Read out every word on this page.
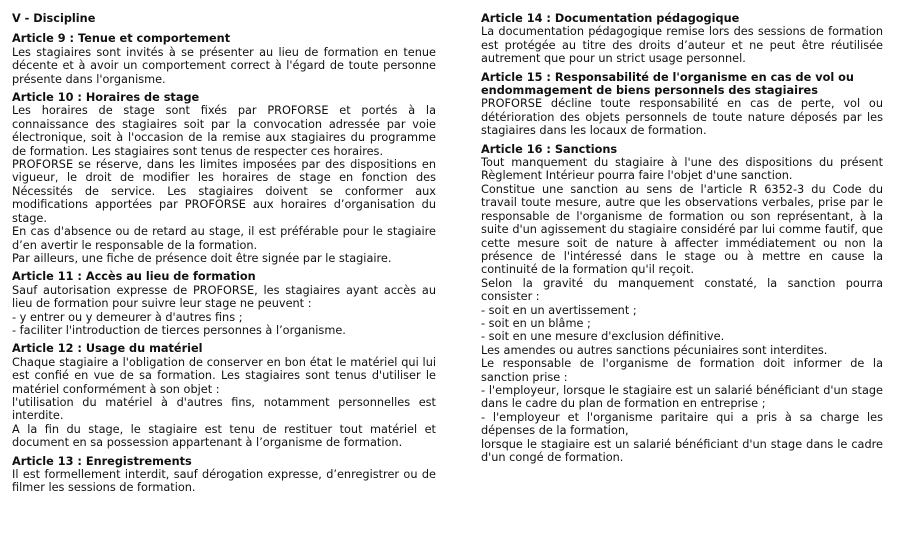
V - Discipline
Article 9 : Tenue et comportement
Les stagiaires sont invités à se présenter au lieu de formation en tenue décente et à avoir un comportement correct à l'égard de toute personne présente dans l'organisme.
Article 10 : Horaires de stage
Les horaires de stage sont fixés par PROFORSE et portés à la connaissance des stagiaires soit par la convocation adressée par voie électronique, soit à l'occasion de la remise aux stagiaires du programme de formation. Les stagiaires sont tenus de respecter ces horaires.
PROFORSE se réserve, dans les limites imposées par des dispositions en vigueur, le droit de modifier les horaires de stage en fonction des Nécessités de service. Les stagiaires doivent se conformer aux modifications apportées par PROFORSE aux horaires d’organisation du stage.
En cas d'absence ou de retard au stage, il est préférable pour le stagiaire d’en avertir le responsable de la formation.
Par ailleurs, une fiche de présence doit être signée par le stagiaire.
Article 11 : Accès au lieu de formation
Sauf autorisation expresse de PROFORSE, les stagiaires ayant accès au lieu de formation pour suivre leur stage ne peuvent :
- y entrer ou y demeurer à d'autres fins ;
- faciliter l'introduction de tierces personnes à l’organisme.
Article 12 : Usage du matériel
Chaque stagiaire a l'obligation de conserver en bon état le matériel qui lui est confié en vue de sa formation. Les stagiaires sont tenus d'utiliser le matériel conformément à son objet :
l'utilisation du matériel à d'autres fins, notamment personnelles est interdite.
A la fin du stage, le stagiaire est tenu de restituer tout matériel et document en sa possession appartenant à l’organisme de formation.
Article 13 : Enregistrements
Il est formellement interdit, sauf dérogation expresse, d’enregistrer ou de filmer les sessions de formation.
Article 14 : Documentation pédagogique
La documentation pédagogique remise lors des sessions de formation est protégée au titre des droits d’auteur et ne peut être réutilisée autrement que pour un strict usage personnel.
Article 15 : Responsabilité de l'organisme en cas de vol ou endommagement de biens personnels des stagiaires
PROFORSE décline toute responsabilité en cas de perte, vol ou détérioration des objets personnels de toute nature déposés par les stagiaires dans les locaux de formation.
Article 16 : Sanctions
Tout manquement du stagiaire à l'une des dispositions du présent Règlement Intérieur pourra faire l'objet d'une sanction.
Constitue une sanction au sens de l'article R 6352-3 du Code du travail toute mesure, autre que les observations verbales, prise par le responsable de l'organisme de formation ou son représentant, à la suite d'un agissement du stagiaire considéré par lui comme fautif, que cette mesure soit de nature à affecter immédiatement ou non la présence de l'intéressé dans le stage ou à mettre en cause la continuité de la formation qu'il reçoit.
Selon la gravité du manquement constaté, la sanction pourra consister :
- soit en un avertissement ;
- soit en un blâme ;
- soit en une mesure d'exclusion définitive.
Les amendes ou autres sanctions pécuniaires sont interdites.
Le responsable de l'organisme de formation doit informer de la sanction prise :
- l'employeur, lorsque le stagiaire est un salarié bénéficiant d'un stage dans le cadre du plan de formation en entreprise ;
- l'employeur et l'organisme paritaire qui a pris à sa charge les dépenses de la formation,
lorsque le stagiaire est un salarié bénéficiant d'un stage dans le cadre d'un congé de formation.
